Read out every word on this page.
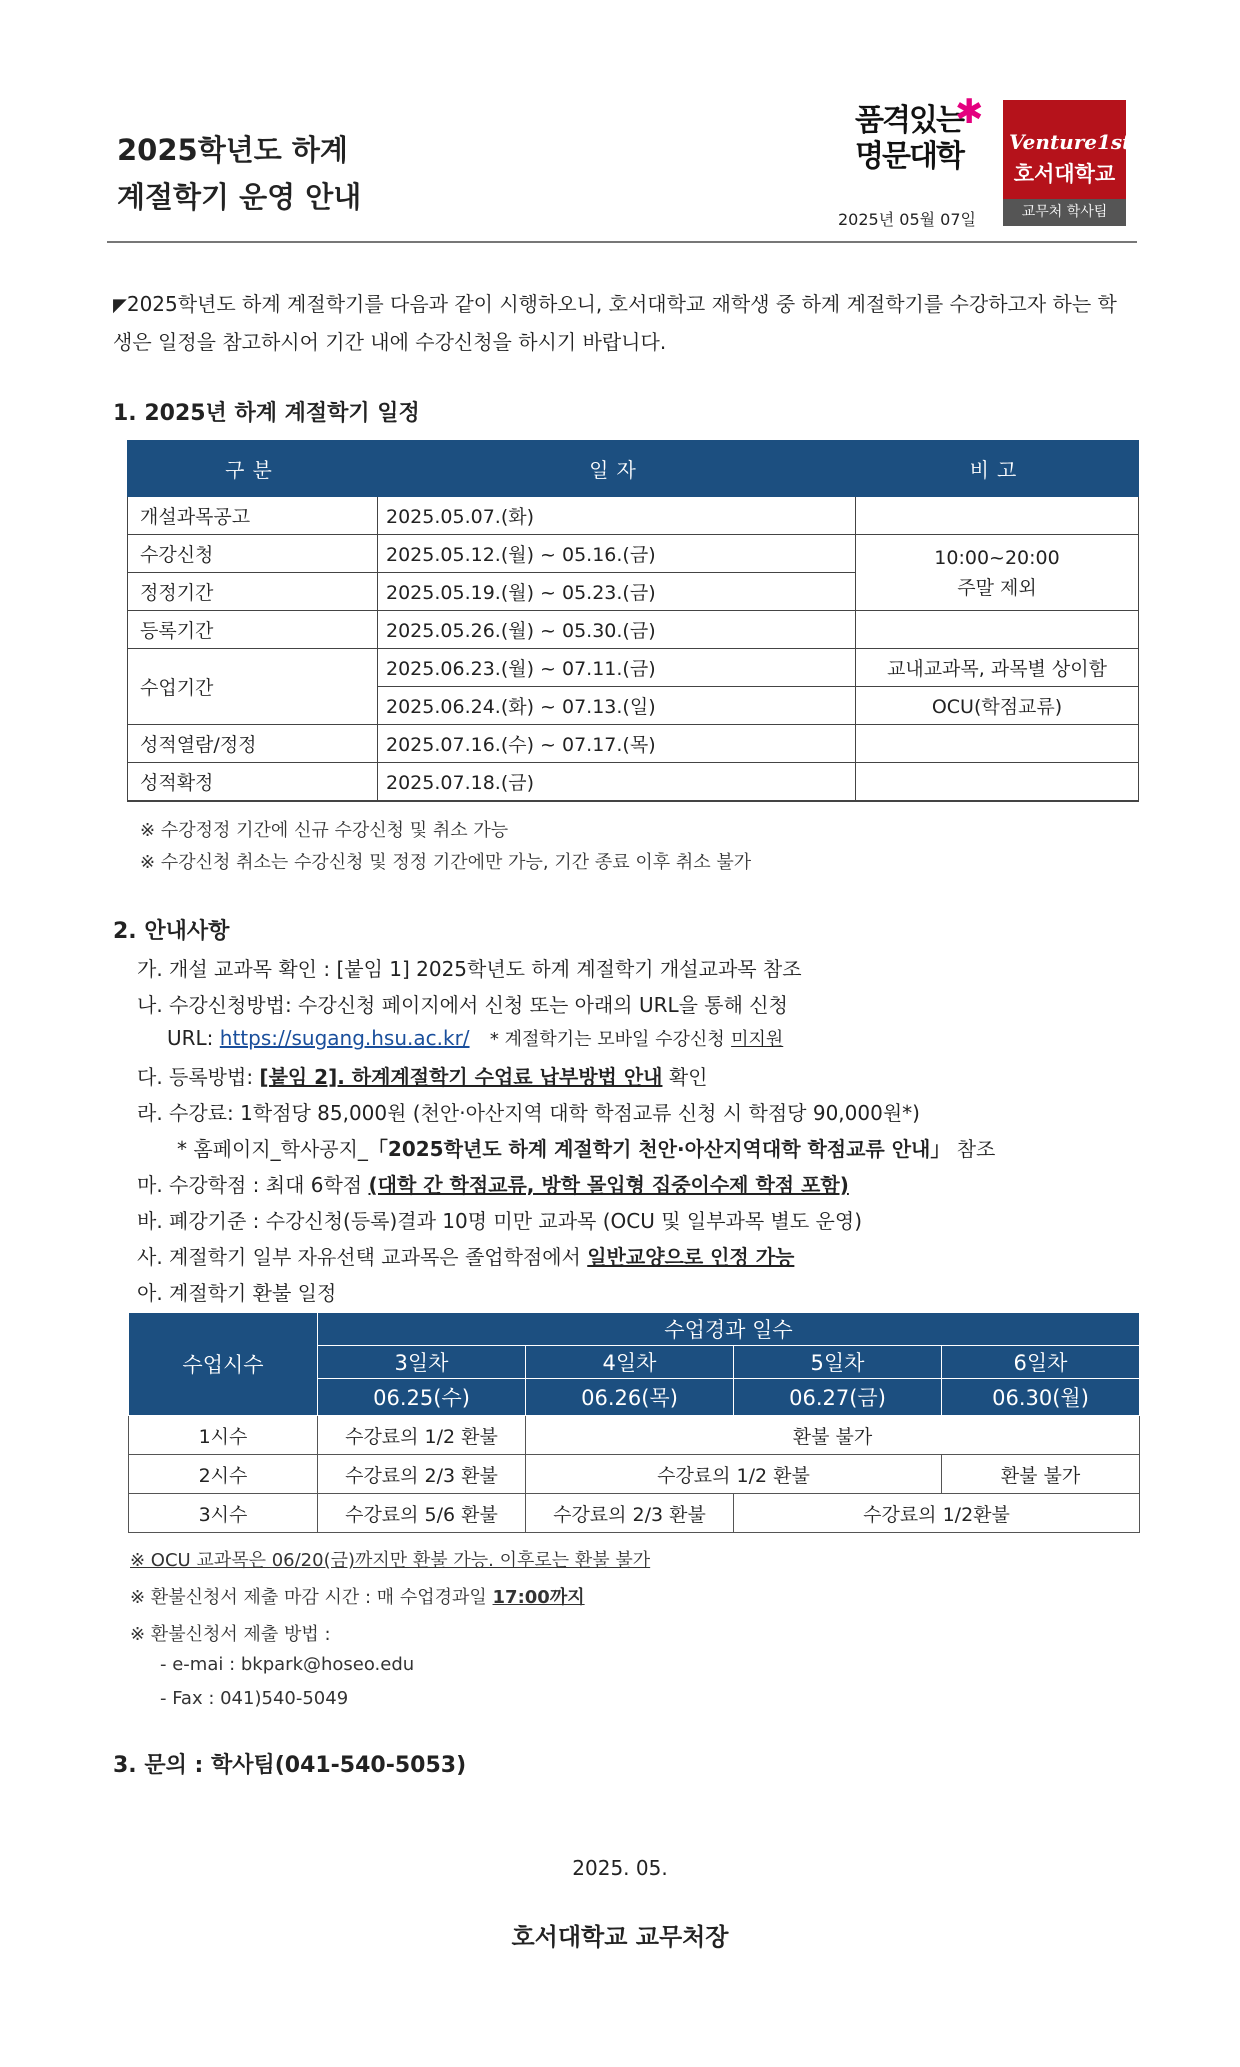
2025학년도 하계
계절학기 운영 안내
품격있는
명문대학
✱
Venture1st
호서대학교
교무처 학사팀
2025년 05월 07일
◤2025학년도 하계 계절학기를 다음과 같이 시행하오니, 호서대학교 재학생 중 하계 계절학기를 수강하고자 하는 학생은 일정을 참고하시어 기간 내에 수강신청을 하시기 바랍니다.
1. 2025년 하계 계절학기 일정
구분	일자	비고
개설과목공고	2025.05.07.(화)	
수강신청	2025.05.12.(월) ~ 05.16.(금)	10:00~20:00
주말 제외

정정기간	2025.05.19.(월) ~ 05.23.(금)	
등록기간	2025.05.26.(월) ~ 05.30.(금)	
수업기간	2025.06.23.(월) ~ 07.11.(금)	교내교과목, 과목별 상이함
	2025.06.24.(화) ~ 07.13.(일)	OCU(학점교류)
성적열람/정정	2025.07.16.(수) ~ 07.17.(목)	
성적확정	2025.07.18.(금)	
※ 수강정정 기간에 신규 수강신청 및 취소 가능
※ 수강신청 취소는 수강신청 및 정정 기간에만 가능, 기간 종료 이후 취소 불가
2. 안내사항
가. 개설 교과목 확인 : [붙임 1] 2025학년도 하계 계절학기 개설교과목 참조
나. 수강신청방법: 수강신청 페이지에서 신청 또는 아래의 URL을 통해 신청
URL: https://sugang.hsu.ac.kr/ * 계절학기는 모바일 수강신청 미지원
다. 등록방법: [붙임 2]. 하계계절학기 수업료 납부방법 안내 확인
라. 수강료: 1학점당 85,000원 (천안·아산지역 대학 학점교류 신청 시 학점당 90,000원*)
* 홈페이지_학사공지_「2025학년도 하계 계절학기 천안·아산지역대학 학점교류 안내」 참조
마. 수강학점 : 최대 6학점 (대학 간 학점교류, 방학 몰입형 집중이수제 학점 포함)
바. 폐강기준 : 수강신청(등록)결과 10명 미만 교과목 (OCU 및 일부과목 별도 운영)
사. 계절학기 일부 자유선택 교과목은 졸업학점에서 일반교양으로 인정 가능
아. 계절학기 환불 일정
수업시수	수업경과 일수			
	3일차	4일차	5일차	6일차
	06.25(수)	06.26(목)	06.27(금)	06.30(월)
1시수	수강료의 1/2 환불	환불 불가		
2시수	수강료의 2/3 환불	수강료의 1/2 환불		환불 불가
3시수	수강료의 5/6 환불	수강료의 2/3 환불	수강료의 1/2환불	
※ OCU 교과목은 06/20(금)까지만 환불 가능. 이후로는 환불 불가
※ 환불신청서 제출 마감 시간 : 매 수업경과일 17:00까지
※ 환불신청서 제출 방법 :
- e-mai : bkpark@hoseo.edu
- Fax : 041)540-5049
3. 문의 : 학사팀(041-540-5053)
2025. 05.
호서대학교 교무처장
